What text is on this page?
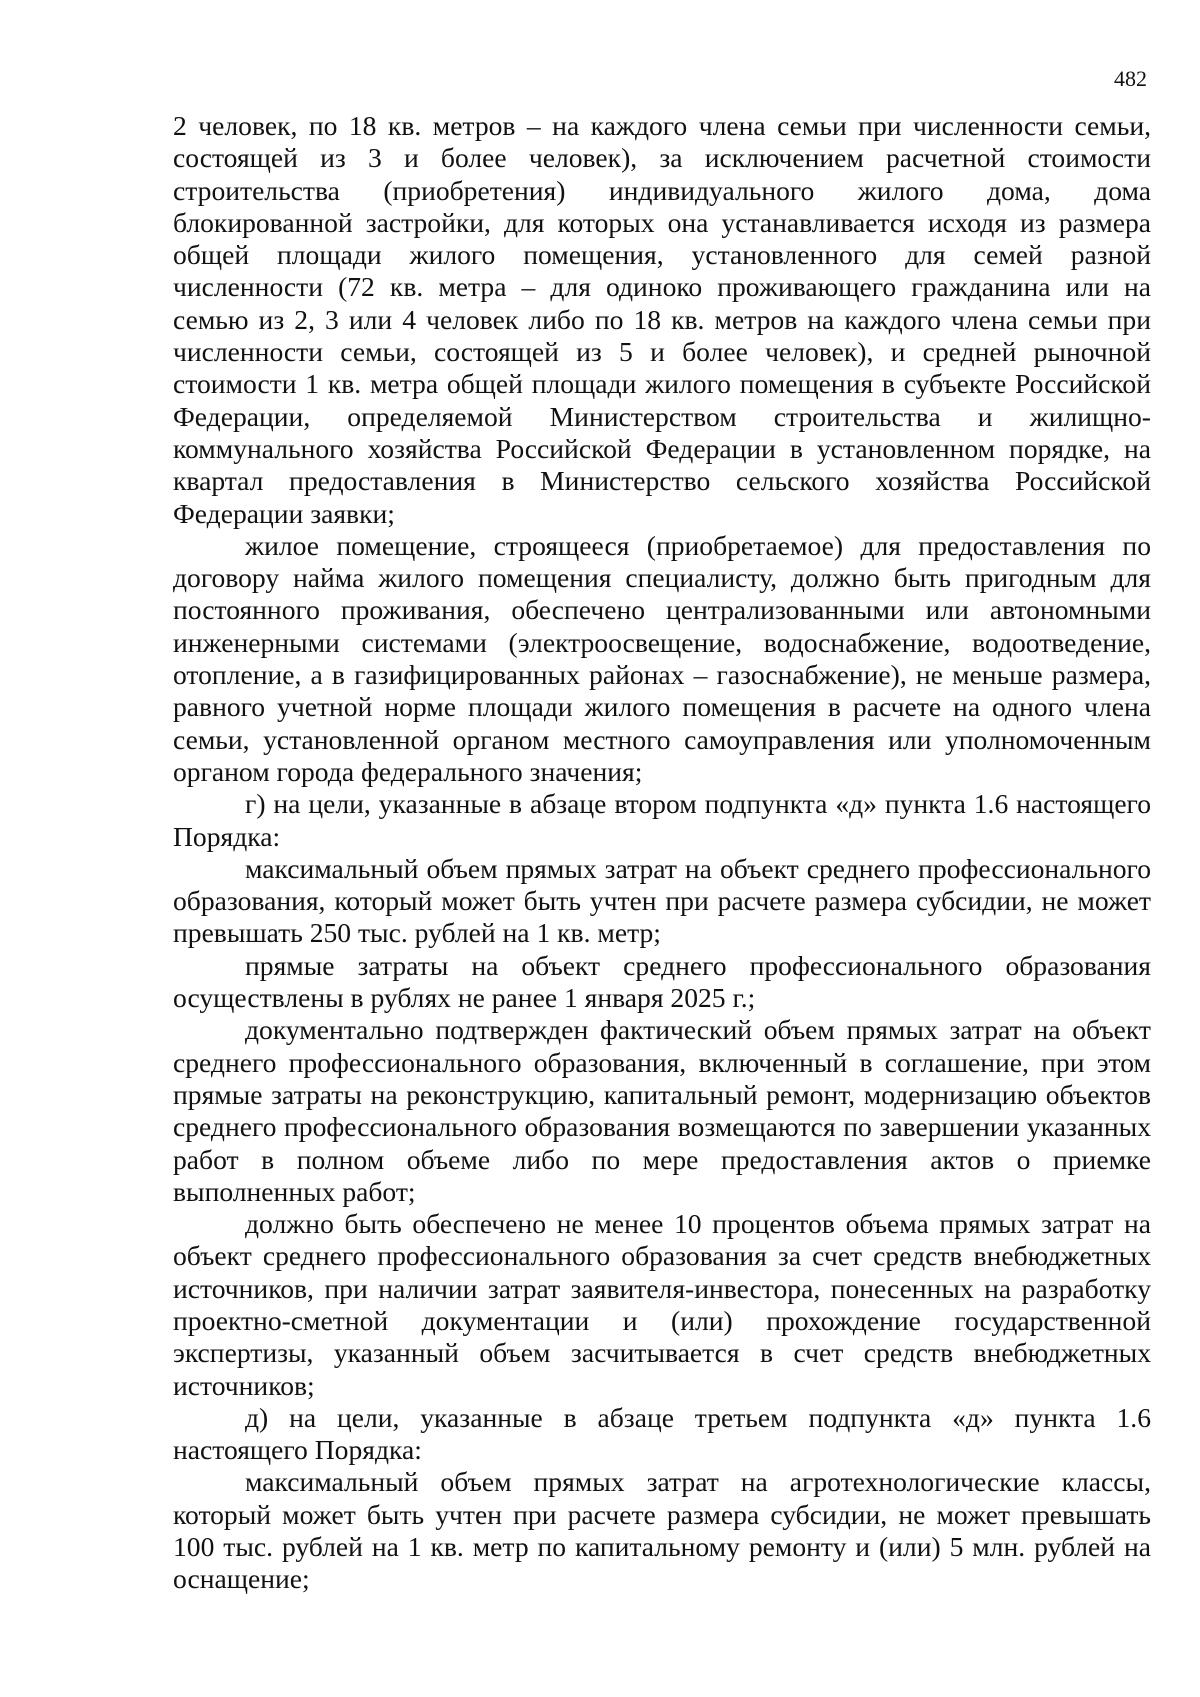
482

2 человек, по 18 кв. метров – на каждого члена семьи при численности семьи, состоящей из 3 и более человек), за исключением расчетной стоимости строительства (приобретения) индивидуального жилого дома, дома блокированной застройки, для которых она устанавливается исходя из размера общей площади жилого помещения, установленного для семей разной численности (72 кв. метра – для одиноко проживающего гражданина или на семью из 2, 3 или 4 человек либо по 18 кв. метров на каждого члена семьи при численности семьи, состоящей из 5 и более человек), и средней рыночной стоимости 1 кв. метра общей площади жилого помещения в субъекте Российской Федерации, определяемой Министерством строительства и жилищно-коммунального хозяйства Российской Федерации в установленном порядке, на квартал предоставления в Министерство сельского хозяйства Российской Федерации заявки;

жилое помещение, строящееся (приобретаемое) для предоставления по договору найма жилого помещения специалисту, должно быть пригодным для постоянного проживания, обеспечено централизованными или автономными инженерными системами (электроосвещение, водоснабжение, водоотведение, отопление, а в газифицированных районах – газоснабжение), не меньше размера, равного учетной норме площади жилого помещения в расчете на одного члена семьи, установленной органом местного самоуправления или уполномоченным органом города федерального значения;

г) на цели, указанные в абзаце втором подпункта «д» пункта 1.6 настоящего Порядка:

максимальный объем прямых затрат на объект среднего профессионального образования, который может быть учтен при расчете размера субсидии, не может превышать 250 тыс. рублей на 1 кв. метр;

прямые затраты на объект среднего профессионального образования осуществлены в рублях не ранее 1 января 2025 г.;

документально подтвержден фактический объем прямых затрат на объект среднего профессионального образования, включенный в соглашение, при этом прямые затраты на реконструкцию, капитальный ремонт, модернизацию объектов среднего профессионального образования возмещаются по завершении указанных работ в полном объеме либо по мере предоставления актов о приемке выполненных работ;

должно быть обеспечено не менее 10 процентов объема прямых затрат на объект среднего профессионального образования за счет средств внебюджетных источников, при наличии затрат заявителя-инвестора, понесенных на разработку проектно-сметной документации и (или) прохождение государственной экспертизы, указанный объем засчитывается в счет средств внебюджетных источников;

д) на цели, указанные в абзаце третьем подпункта «д» пункта 1.6 настоящего Порядка:

максимальный объем прямых затрат на агротехнологические классы, который может быть учтен при расчете размера субсидии, не может превышать 100 тыс. рублей на 1 кв. метр по капитальному ремонту и (или) 5 млн. рублей на оснащение;
